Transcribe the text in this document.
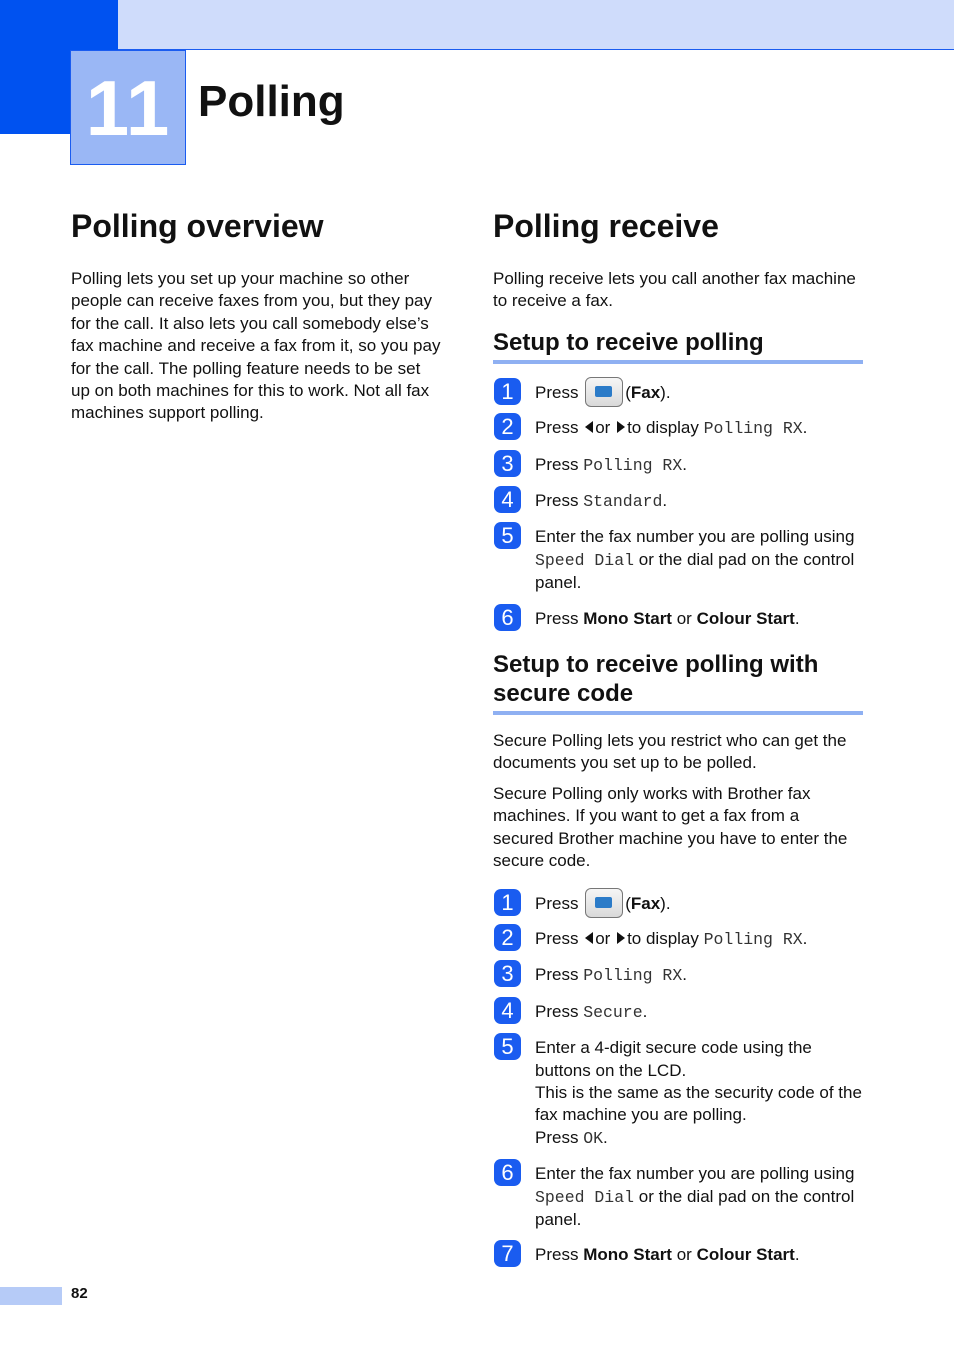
11 Polling
Polling overview

Polling lets you set up your machine so other people can receive faxes from you, but they pay for the call. It also lets you call somebody else’s fax machine and receive a fax from it, so you pay for the call. The polling feature needs to be set up on both machines for this to work. Not all fax machines support polling.

Polling receive

Polling receive lets you call another fax machine to receive a fax.

Setup to receive polling
1	Press	(Fax).
2	Press or to display Polling RX.
3	Press Polling RX.
4	Press Standard.
5	Enter the fax number you are polling using Speed Dial or the dial pad on the control panel.
6	Press Mono Start or Colour Start.
Setup to receive polling with secure code

Secure Polling lets you restrict who can get the documents you set up to be polled.

Secure Polling only works with Brother fax machines. If you want to get a fax from a secured Brother machine you have to enter the secure code.

1	Press	(Fax).
2	Press or to display Polling RX.
3	Press Polling RX.
4	Press Secure.
5	Enter a 4-digit secure code using the buttons on the LCD.
This is the same as the security code of the fax machine you are polling.
Press OK.
6	Enter the fax number you are polling using Speed Dial or the dial pad on the control panel.
7	Press Mono Start or Colour Start.
82
